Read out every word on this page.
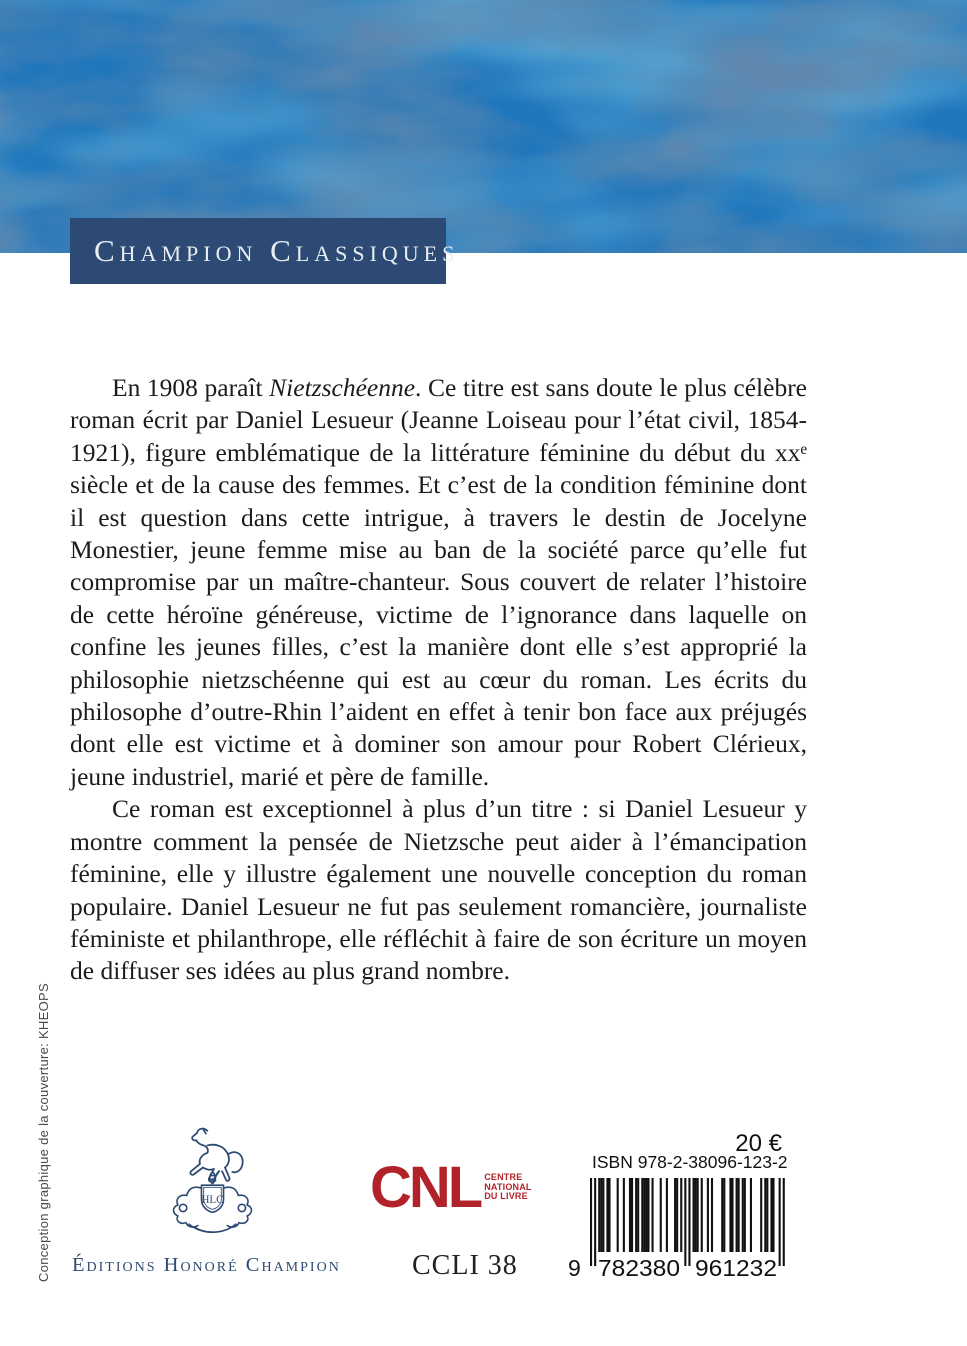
Champion Classiques

En 1908 paraît Nietzschéenne. Ce titre est sans doute le plus célèbre roman écrit par Daniel Lesueur (Jeanne Loiseau pour l’état civil, 1854-1921), figure emblématique de la littérature féminine du début du xxᵉ siècle et de la cause des femmes. Et c’est de la condition féminine dont il est question dans cette intrigue, à travers le destin de Jocelyne Monestier, jeune femme mise au ban de la société parce qu’elle fut compromise par un maître-chanteur. Sous couvert de relater l’histoire de cette héroïne généreuse, victime de l’ignorance dans laquelle on confine les jeunes filles, c’est la manière dont elle s’est approprié la philosophie nietzschéenne qui est au cœur du roman. Les écrits du philosophe d’outre-Rhin l’aident en effet à tenir bon face aux préjugés dont elle est victime et à dominer son amour pour Robert Clérieux, jeune industriel, marié et père de famille.

Ce roman est exceptionnel à plus d’un titre : si Daniel Lesueur y montre comment la pensée de Nietzsche peut aider à l’émancipation féminine, elle y illustre également une nouvelle conception du roman populaire. Daniel Lesueur ne fut pas seulement romancière, journaliste féministe et philanthrope, elle réfléchit à faire de son écriture un moyen de diffuser ses idées au plus grand nombre.

Conception graphique de la couverture: KHEOPS	HLC
Éditions Honoré Champion
CNL CENTRE
NATIONAL
DU LIVRE
CCLI 38
20 €
ISBN 978-2-38096-123-2
9 782380 961232
